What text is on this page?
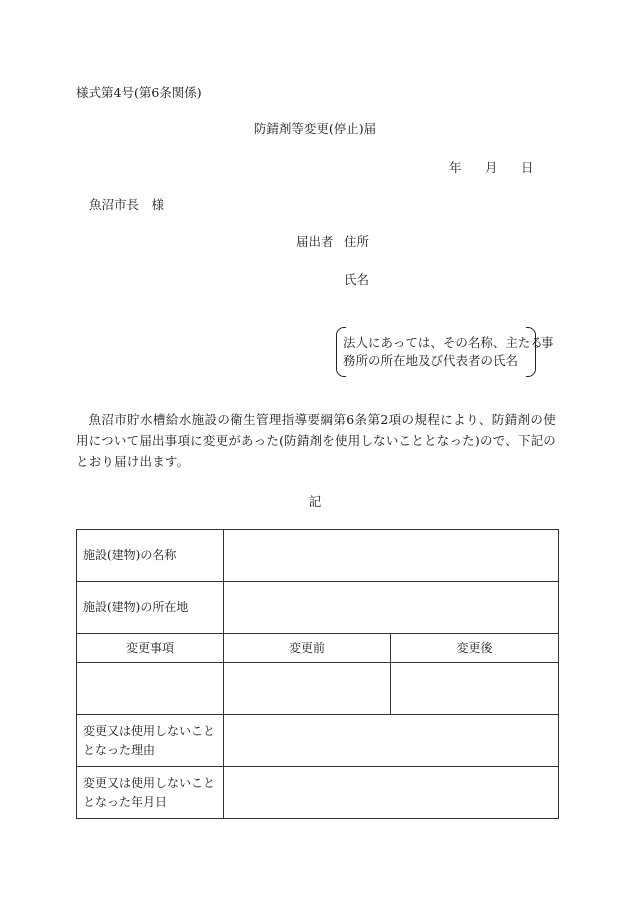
様式第4号(第6条関係)
防錆剤等変更(停止)届
年 月 日
魚沼市長　様
届出者 住所
氏名
法人にあっては、その名称、主たる
務所の所在地及び代表者の氏名
事
魚沼市貯水槽給水施設の衛生管理指導要綱第6条第2項の規程により、防錆剤の使用について届出事項に変更があった(防錆剤を使用しないこととなった)ので、下記のとおり届け出ます。
記
施設(建物)の名称		
施設(建物)の所在地		
変更事項	変更前	変更後

変更又は使用しないこととなった理由		
変更又は使用しないこととなった年月日		
